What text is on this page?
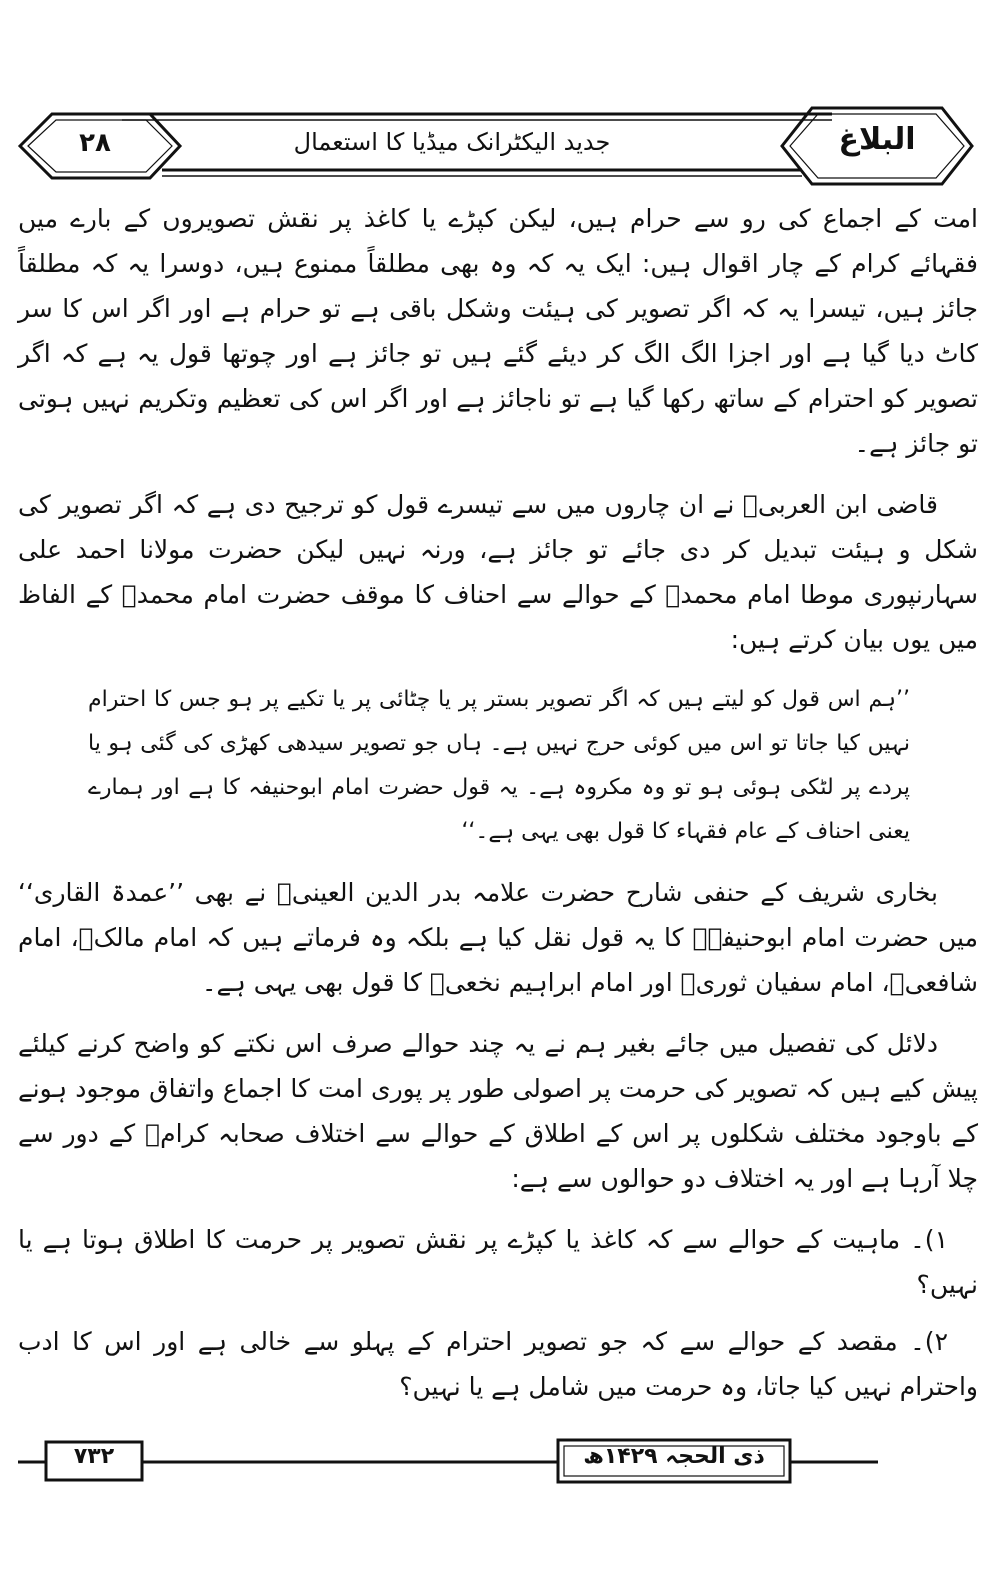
۲۸	جدید الیکٹرانک میڈیا کا استعمال	البلاغ

امت کے اجماع کی رو سے حرام ہیں، لیکن کپڑے یا کاغذ پر نقش تصویروں کے بارے میں فقہائے کرام کے چار اقوال ہیں: ایک یہ کہ وہ بھی مطلقاً ممنوع ہیں، دوسرا یہ کہ مطلقاً جائز ہیں، تیسرا یہ کہ اگر تصویر کی ہیئت وشکل باقی ہے تو حرام ہے اور اگر اس کا سر کاٹ دیا گیا ہے اور اجزا الگ الگ کر دیئے گئے ہیں تو جائز ہے اور چوتھا قول یہ ہے کہ اگر تصویر کو احترام کے ساتھ رکھا گیا ہے تو ناجائز ہے اور اگر اس کی تعظیم وتکریم نہیں ہوتی تو جائز ہے۔

قاضی ابن العربیؒ نے ان چاروں میں سے تیسرے قول کو ترجیح دی ہے کہ اگر تصویر کی شکل و ہیئت تبدیل کر دی جائے تو جائز ہے، ورنہ نہیں لیکن حضرت مولانا احمد علی سہارنپوری موطا امام محمدؒ کے حوالے سے احناف کا موقف حضرت امام محمدؒ کے الفاظ میں یوں بیان کرتے ہیں:

’’ہم اس قول کو لیتے ہیں کہ اگر تصویر بستر پر یا چٹائی پر یا تکیے پر ہو جس کا احترام نہیں کیا جاتا تو اس میں کوئی حرج نہیں ہے۔ ہاں جو تصویر سیدھی کھڑی کی گئی ہو یا پردے پر لٹکی ہوئی ہو تو وہ مکروہ ہے۔ یہ قول حضرت امام ابوحنیفہ کا ہے اور ہمارے یعنی احناف کے عام فقہاء کا قول بھی یہی ہے۔‘‘

بخاری شریف کے حنفی شارح حضرت علامہ بدر الدین العینیؒ نے بھی ’’عمدۃ القاری‘‘ میں حضرت امام ابوحنیفہؒ کا یہ قول نقل کیا ہے بلکہ وہ فرماتے ہیں کہ امام مالکؒ، امام شافعیؒ، امام سفیان ثوریؒ اور امام ابراہیم نخعیؒ کا قول بھی یہی ہے۔

دلائل کی تفصیل میں جائے بغیر ہم نے یہ چند حوالے صرف اس نکتے کو واضح کرنے کیلئے پیش کیے ہیں کہ تصویر کی حرمت پر اصولی طور پر پوری امت کا اجماع واتفاق موجود ہونے کے باوجود مختلف شکلوں پر اس کے اطلاق کے حوالے سے اختلاف صحابہ کرامؓ کے دور سے چلا آرہا ہے اور یہ اختلاف دو حوالوں سے ہے:

۱)۔ ماہیت کے حوالے سے کہ کاغذ یا کپڑے پر نقش تصویر پر حرمت کا اطلاق ہوتا ہے یا نہیں؟

۲)۔ مقصد کے حوالے سے کہ جو تصویر احترام کے پہلو سے خالی ہے اور اس کا ادب واحترام نہیں کیا جاتا، وہ حرمت میں شامل ہے یا نہیں؟

۷۳۲	ذی الحجہ ۱۴۲۹ھ
